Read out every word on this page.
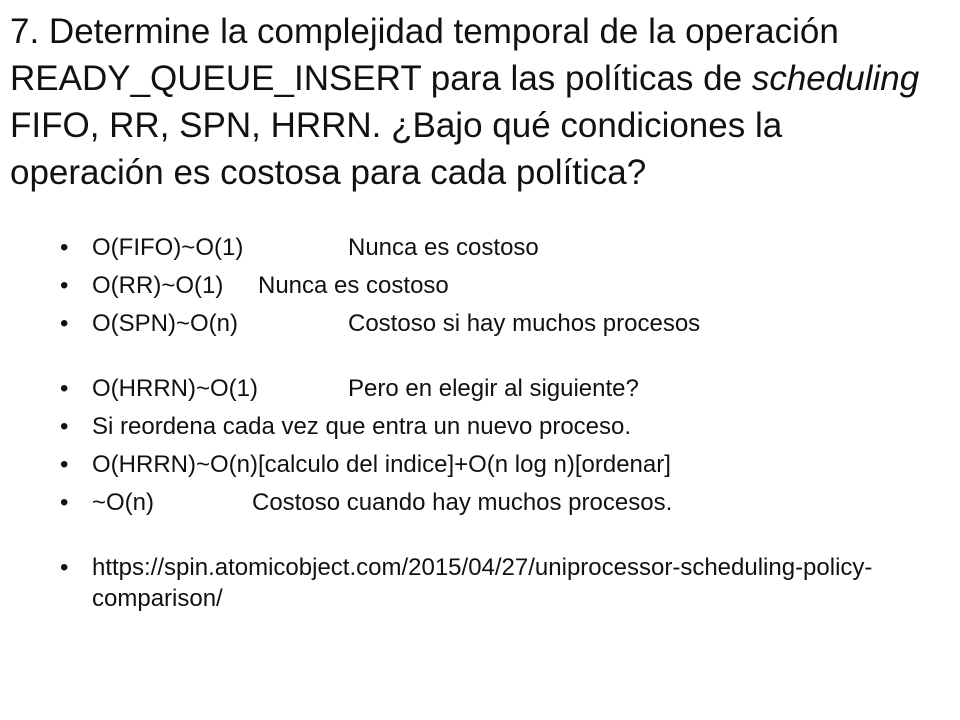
7. Determine la complejidad temporal de la operación READY_QUEUE_INSERT para las políticas de scheduling FIFO, RR, SPN, HRRN. ¿Bajo qué condiciones la operación es costosa para cada política?
• O(FIFO)~O(1)	Nunca es costoso
• O(RR)~O(1) Nunca es costoso
• O(SPN)~O(n)	Costoso si hay muchos procesos
• O(HRRN)~O(1)	Pero en elegir al siguiente?
• Si reordena cada vez que entra un nuevo proceso.
• O(HRRN)~O(n)[calculo del indice]+O(n log n)[ordenar]
• ~O(n)	Costoso cuando hay muchos procesos.
• https://spin.atomicobject.com/2015/04/27/uniprocessor-scheduling-policy-comparison/
